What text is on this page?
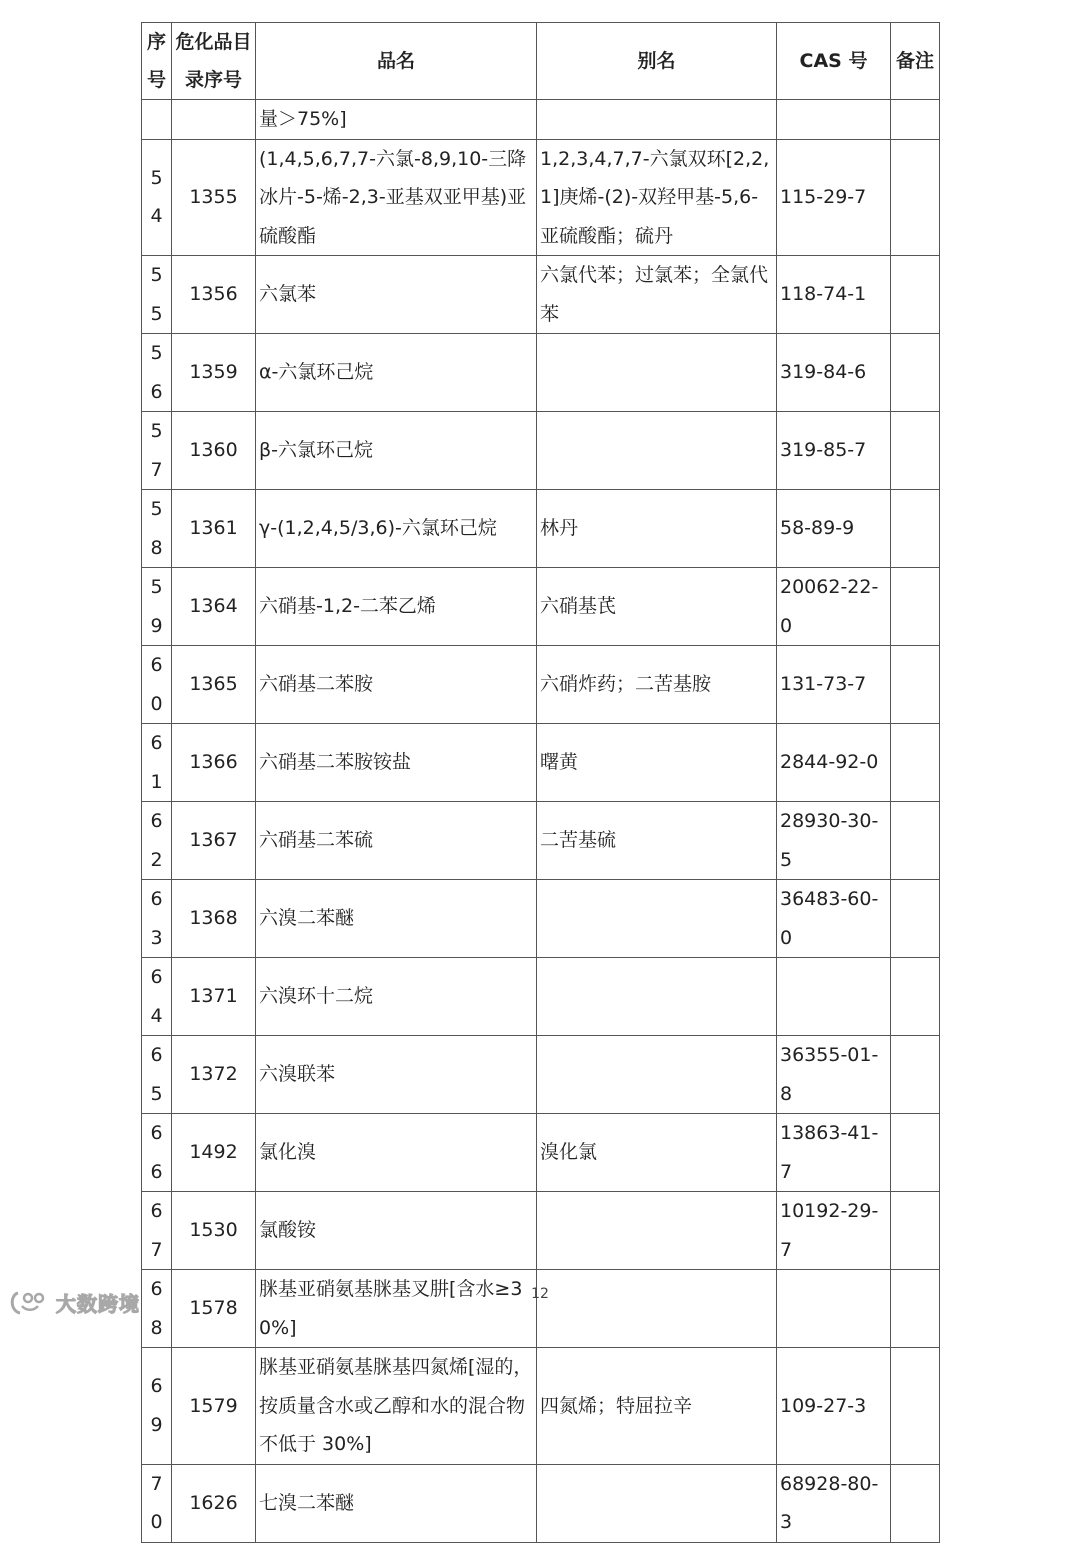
序号	危化品目录序号	品名	别名	CAS 号	备注
		量＞75%]			
54	1355	(1,4,5,6,7,7-六氯-8,9,10-三降冰片-5-烯-2,3-亚基双亚甲基)亚硫酸酯	1,2,3,4,7,7-六氯双环[2,2,1]庚烯-(2)-双羟甲基-5,6-亚硫酸酯；硫丹	115-29-7	
55	1356	六氯苯	六氯代苯；过氯苯；全氯代苯	118-74-1	
56	1359	α-六氯环己烷		319-84-6	
57	1360	β-六氯环己烷		319-85-7	
58	1361	γ-(1,2,4,5/3,6)-六氯环己烷	林丹	58-89-9	
59	1364	六硝基-1,2-二苯乙烯	六硝基芪	20062-22-0	
60	1365	六硝基二苯胺	六硝炸药；二苦基胺	131-73-7	
61	1366	六硝基二苯胺铵盐	曙黄	2844-92-0	
62	1367	六硝基二苯硫	二苦基硫	28930-30-5	
63	1368	六溴二苯醚		36483-60-0	
64	1371	六溴环十二烷			
65	1372	六溴联苯		36355-01-8	
66	1492	氯化溴	溴化氯	13863-41-7	
67	1530	氯酸铵		10192-29-7	
68	1578	脒基亚硝氨基脒基叉肼[含水≥30%]			
69	1579	脒基亚硝氨基脒基四氮烯[湿的，按质量含水或乙醇和水的混合物不低于 30%]	四氮烯；特屈拉辛	109-27-3	
70	1626	七溴二苯醚		68928-80-3	
12
大数跨境
